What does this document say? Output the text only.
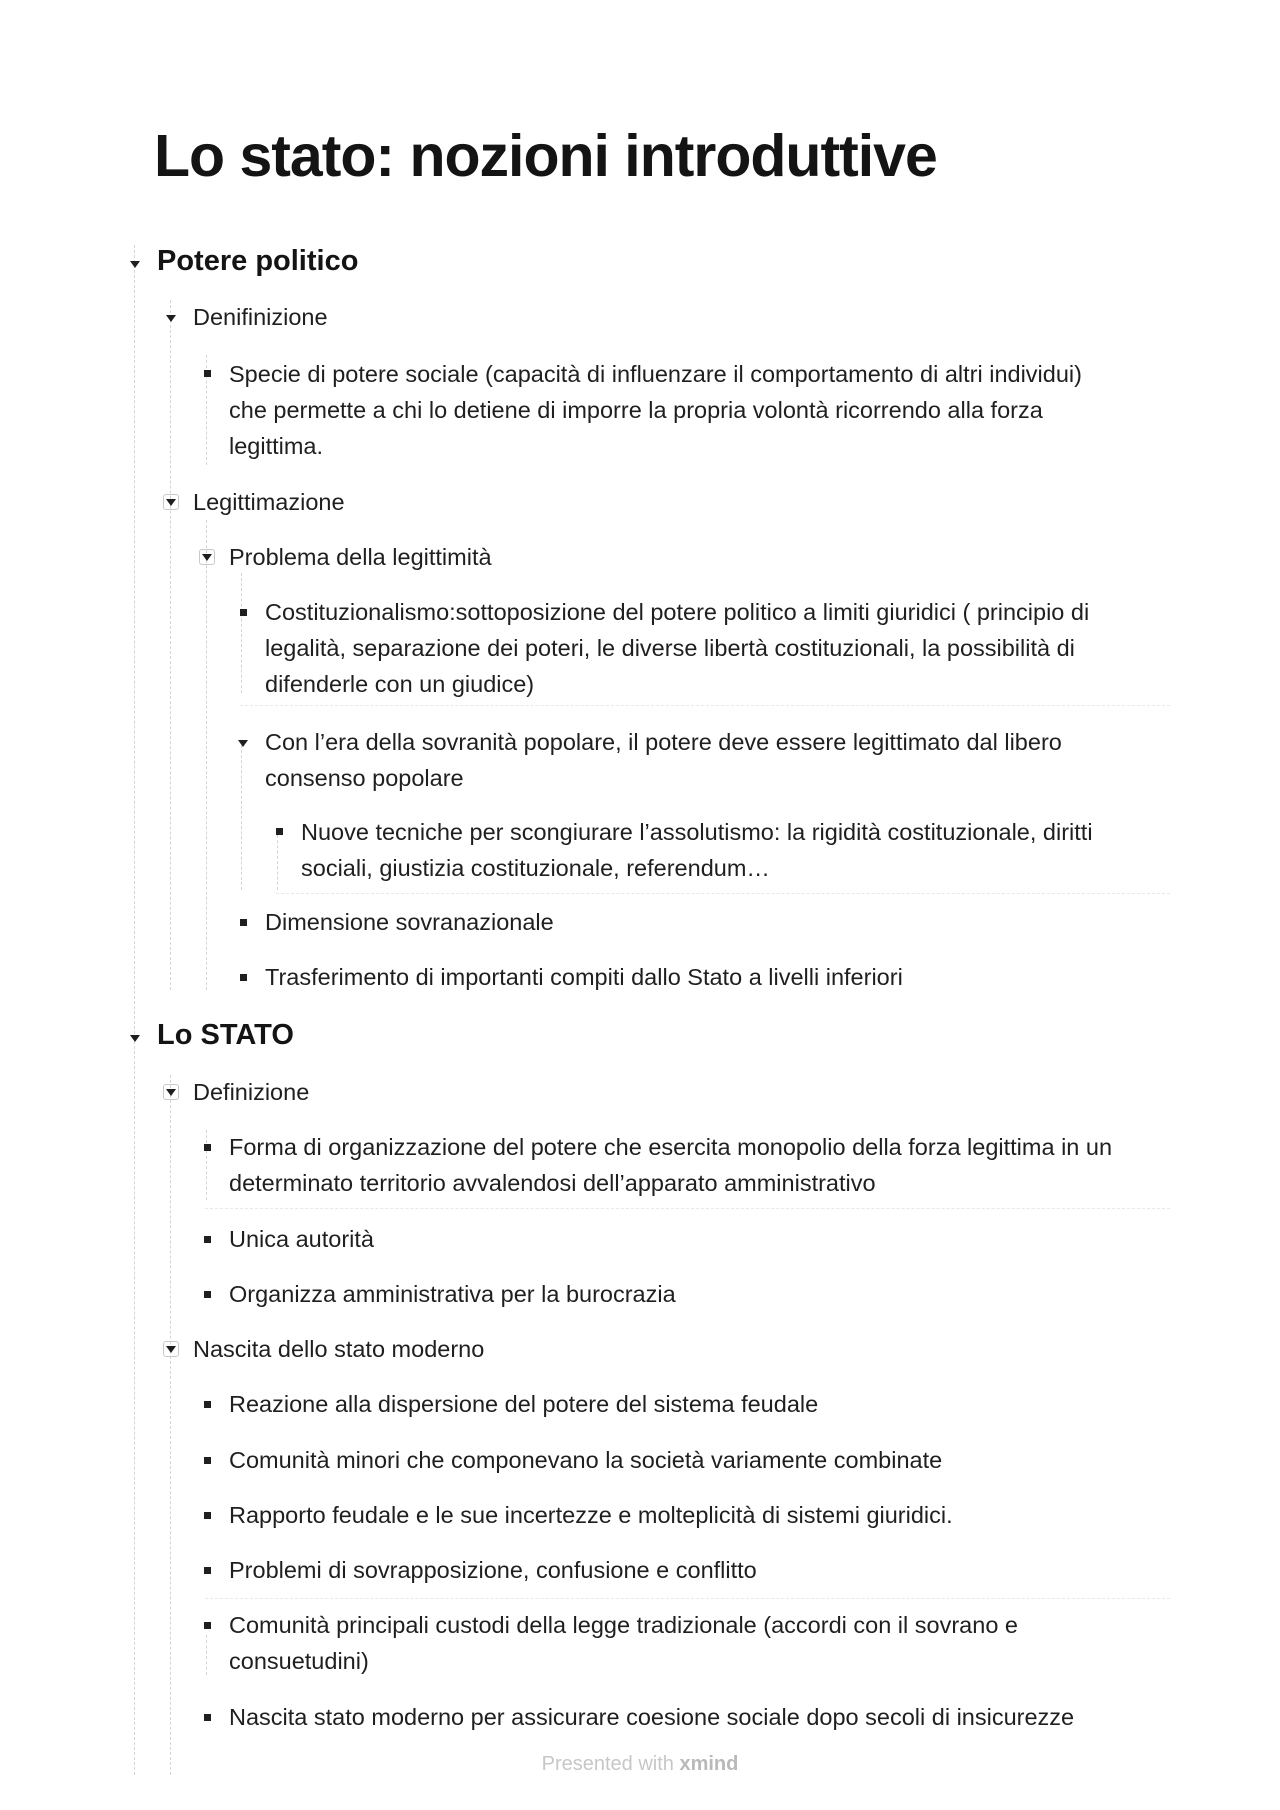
Lo stato: nozioni introduttive
Potere politico
Denifinizione
Specie di potere sociale (capacità di influenzare il comportamento di altri individui) che permette a chi lo detiene di imporre la propria volontà ricorrendo alla forza legittima.
Legittimazione
Problema della legittimità
Costituzionalismo:sottoposizione del potere politico a limiti giuridici ( principio di legalità, separazione dei poteri, le diverse libertà costituzionali, la possibilità di difenderle con un giudice)
Con l’era della sovranità popolare, il potere deve essere legittimato dal libero consenso popolare
Nuove tecniche per scongiurare l’assolutismo: la rigidità costituzionale, diritti sociali, giustizia costituzionale, referendum…
Dimensione sovranazionale
Trasferimento di importanti compiti dallo Stato a livelli inferiori
Lo STATO
Definizione
Forma di organizzazione del potere che esercita monopolio della forza legittima in un determinato territorio avvalendosi dell’apparato amministrativo
Unica autorità
Organizza amministrativa per la burocrazia
Nascita dello stato moderno
Reazione alla dispersione del potere del sistema feudale
Comunità minori che componevano la società variamente combinate
Rapporto feudale e le sue incertezze e molteplicità di sistemi giuridici.
Problemi di sovrapposizione, confusione e conflitto
Comunità principali custodi della legge tradizionale (accordi con il sovrano e consuetudini)
Nascita stato moderno per assicurare coesione sociale dopo secoli di insicurezze
Presented with xmind
